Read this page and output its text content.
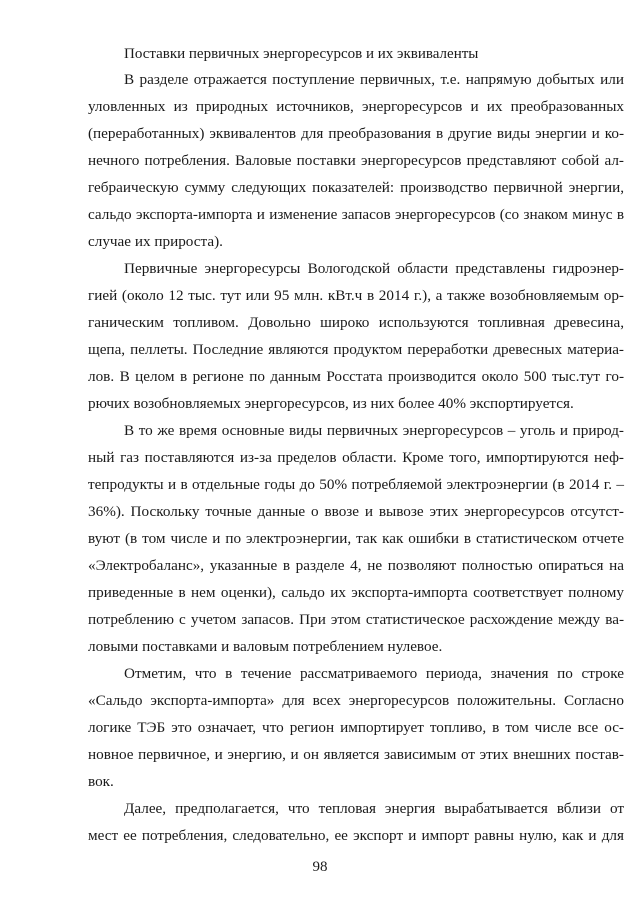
Поставки первичных энергоресурсов и их эквиваленты
В разделе отражается поступление первичных, т.е. напрямую добытых или
уловленных из природных источников, энергоресурсов и их преобразованных
(переработанных) эквивалентов для преобразования в другие виды энергии и ко-
нечного потребления. Валовые поставки энергоресурсов представляют собой ал-
гебраическую сумму следующих показателей: производство первичной энергии,
сальдо экспорта-импорта и изменение запасов энергоресурсов (со знаком минус в
случае их прироста).
Первичные энергоресурсы Вологодской области представлены гидроэнер-
гией (около 12 тыс. тут или 95 млн. кВт.ч в 2014 г.), а также возобновляемым ор-
ганическим топливом. Довольно широко используются топливная древесина,
щепа, пеллеты. Последние являются продуктом переработки древесных материа-
лов. В целом в регионе по данным Росстата производится около 500 тыс.тут го-
рючих возобновляемых энергоресурсов, из них более 40% экспортируется.
В то же время основные виды первичных энергоресурсов – уголь и природ-
ный газ поставляются из-за пределов области. Кроме того, импортируются неф-
тепродукты и в отдельные годы до 50% потребляемой электроэнергии (в 2014 г. –
36%). Поскольку точные данные о ввозе и вывозе этих энергоресурсов отсутст-
вуют (в том числе и по электроэнергии, так как ошибки в статистическом отчете
«Электробаланс», указанные в разделе 4, не позволяют полностью опираться на
приведенные в нем оценки), сальдо их экспорта-импорта соответствует полному
потреблению с учетом запасов. При этом статистическое расхождение между ва-
ловыми поставками и валовым потреблением нулевое.
Отметим, что в течение рассматриваемого периода, значения по строке
«Сальдо экспорта-импорта» для всех энергоресурсов положительны. Согласно
логике ТЭБ это означает, что регион импортирует топливо, в том числе все ос-
новное первичное, и энергию, и он является зависимым от этих внешних постав-
вок.
Далее, предполагается, что тепловая энергия вырабатывается вблизи от
мест ее потребления, следовательно, ее экспорт и импорт равны нулю, как и для
98
